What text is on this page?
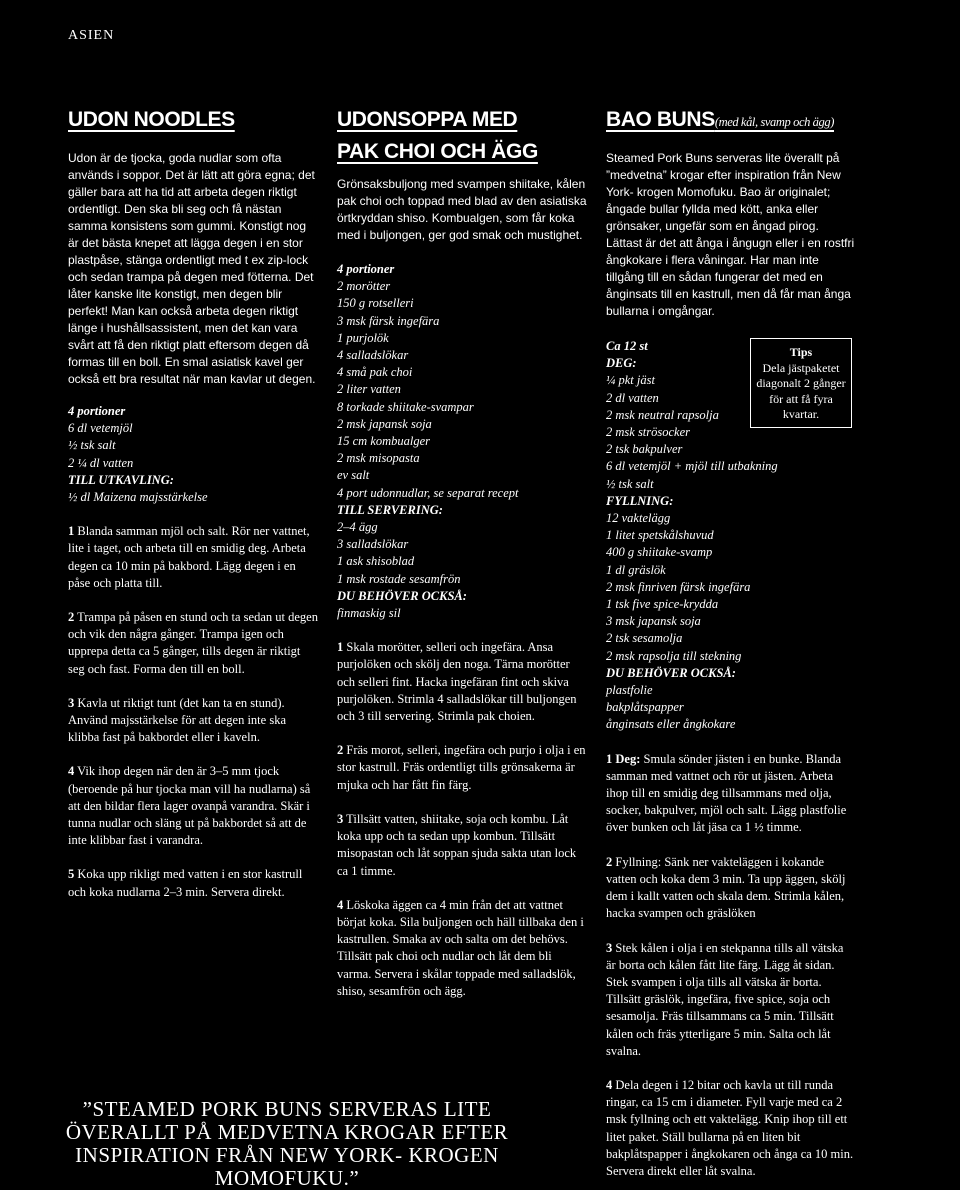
ASIEN
UDON NOODLES

Udon är de tjocka, goda nudlar som ofta används i soppor. Det är lätt att göra egna; det gäller bara att ha tid att arbeta degen riktigt ordentligt. Den ska bli seg och få nästan samma konsistens som gummi. Konstigt nog är det bästa knepet att lägga degen i en stor plastpåse, stänga ordentligt med t ex zip-lock och sedan trampa på degen med fötterna. Det låter kanske lite konstigt, men degen blir perfekt! Man kan också arbeta degen riktigt länge i hushållsassistent, men det kan vara svårt att få den riktigt platt eftersom degen då formas till en boll. En smal asiatisk kavel ger också ett bra resultat när man kavlar ut degen.

4 portioner

6 dl vetemjöl

½ tsk salt

2 ¼ dl vatten

TILL UTKAVLING:

½ dl Maizena majsstärkelse

1 Blanda samman mjöl och salt. Rör ner vattnet, lite i taget, och arbeta till en smidig deg. Arbeta degen ca 10 min på bakbord. Lägg degen i en påse och platta till.

2 Trampa på påsen en stund och ta sedan ut degen och vik den några gånger. Trampa igen och upprepa detta ca 5 gånger, tills degen är riktigt seg och fast. Forma den till en boll.

3 Kavla ut riktigt tunt (det kan ta en stund). Använd majsstärkelse för att degen inte ska klibba fast på bakbordet eller i kaveln.

4 Vik ihop degen när den är 3–5 mm tjock (beroende på hur tjocka man vill ha nudlarna) så att den bildar flera lager ovanpå varandra. Skär i tunna nudlar och släng ut på bakbordet så att de inte klibbar fast i varandra.

5 Koka upp rikligt med vatten i en stor kastrull och koka nudlarna 2–3 min. Servera direkt.

UDONSOPPA MED PAK CHOI OCH ÄGG

Grönsaksbuljong med svampen shiitake, kålen pak choi och toppad med blad av den asiatiska örtkryddan shiso. Kombualgen, som får koka med i buljongen, ger god smak och mustighet.

4 portioner

2 morötter

150 g rotselleri

3 msk färsk ingefära

1 purjolök

4 salladslökar

4 små pak choi

2 liter vatten

8 torkade shiitake-svampar

2 msk japansk soja

15 cm kombualger

2 msk misopasta

ev salt

4 port udonnudlar, se separat recept

TILL SERVERING:

2–4 ägg

3 salladslökar

1 ask shisoblad

1 msk rostade sesamfrön

DU BEHÖVER OCKSÅ:

finmaskig sil

1 Skala morötter, selleri och ingefära. Ansa purjolöken och skölj den noga. Tärna morötter och selleri fint. Hacka ingefäran fint och skiva purjolöken. Strimla 4 salladslökar till buljongen och 3 till servering. Strimla pak choien.

2 Fräs morot, selleri, ingefära och purjo i olja i en stor kastrull. Fräs ordentligt tills grönsakerna är mjuka och har fått fin färg.

3 Tillsätt vatten, shiitake, soja och kombu. Låt koka upp och ta sedan upp kombun. Tillsätt misopastan och låt soppan sjuda sakta utan lock ca 1 timme.

4 Löskoka äggen ca 4 min från det att vattnet börjat koka. Sila buljongen och häll tillbaka den i kastrullen. Smaka av och salta om det behövs. Tillsätt pak choi och nudlar och låt dem bli varma. Servera i skålar toppade med salladslök, shiso, sesamfrön och ägg.

BAO BUNS(med kål, svamp och ägg)

Steamed Pork Buns serveras lite överallt på ”medvetna” krogar efter inspiration från New York- krogen Momofuku. Bao är originalet; ångade bullar fyllda med kött, anka eller grönsaker, ungefär som en ångad pirog. Lättast är det att ånga i ångugn eller i en rostfri ångkokare i flera våningar. Har man inte tillgång till en sådan fungerar det med en ånginsats till en kastrull, men då får man ånga bullarna i omgångar.

Ca 12 st

DEG:

¼ pkt jäst

2 dl vatten

2 msk neutral rapsolja

2 msk strösocker

2 tsk bakpulver

6 dl vetemjöl + mjöl till utbakning

½ tsk salt

FYLLNING:

12 vaktelägg

1 litet spetskålshuvud

400 g shiitake-svamp

1 dl gräslök

2 msk finriven färsk ingefära

1 tsk five spice-krydda

3 msk japansk soja

2 tsk sesamolja

2 msk rapsolja till stekning

DU BEHÖVER OCKSÅ:

plastfolie

bakplåtspapper

ånginsats eller ångkokare

1 Deg: Smula sönder jästen i en bunke. Blanda samman med vattnet och rör ut jästen. Arbeta ihop till en smidig deg tillsammans med olja, socker, bakpulver, mjöl och salt. Lägg plastfolie över bunken och låt jäsa ca 1 ½ timme.

2 Fyllning: Sänk ner vakteläggen i kokande vatten och koka dem 3 min. Ta upp äggen, skölj dem i kallt vatten och skala dem. Strimla kålen, hacka svampen och gräslöken

3 Stek kålen i olja i en stekpanna tills all vätska är borta och kålen fått lite färg. Lägg åt sidan. Stek svampen i olja tills all vätska är borta. Tillsätt gräslök, ingefära, five spice, soja och sesamolja. Fräs tillsammans ca 5 min. Tillsätt kålen och fräs ytterligare 5 min. Salta och låt svalna.

4 Dela degen i 12 bitar och kavla ut till runda ringar, ca 15 cm i diameter. Fyll varje med ca 2 msk fyllning och ett vaktelägg. Knip ihop till ett litet paket. Ställ bullarna på en liten bit bakplåtspapper i ångkokaren och ånga ca 10 min. Servera direkt eller låt svalna.

Tips
Dela jästpaketet diagonalt 2 gånger för att få fyra kvartar.
”STEAMED PORK BUNS SERVERAS LITE ÖVERALLT PÅ MEDVETNA KROGAR EFTER INSPIRATION FRÅN NEW YORK- KROGEN MOMOFUKU.”
